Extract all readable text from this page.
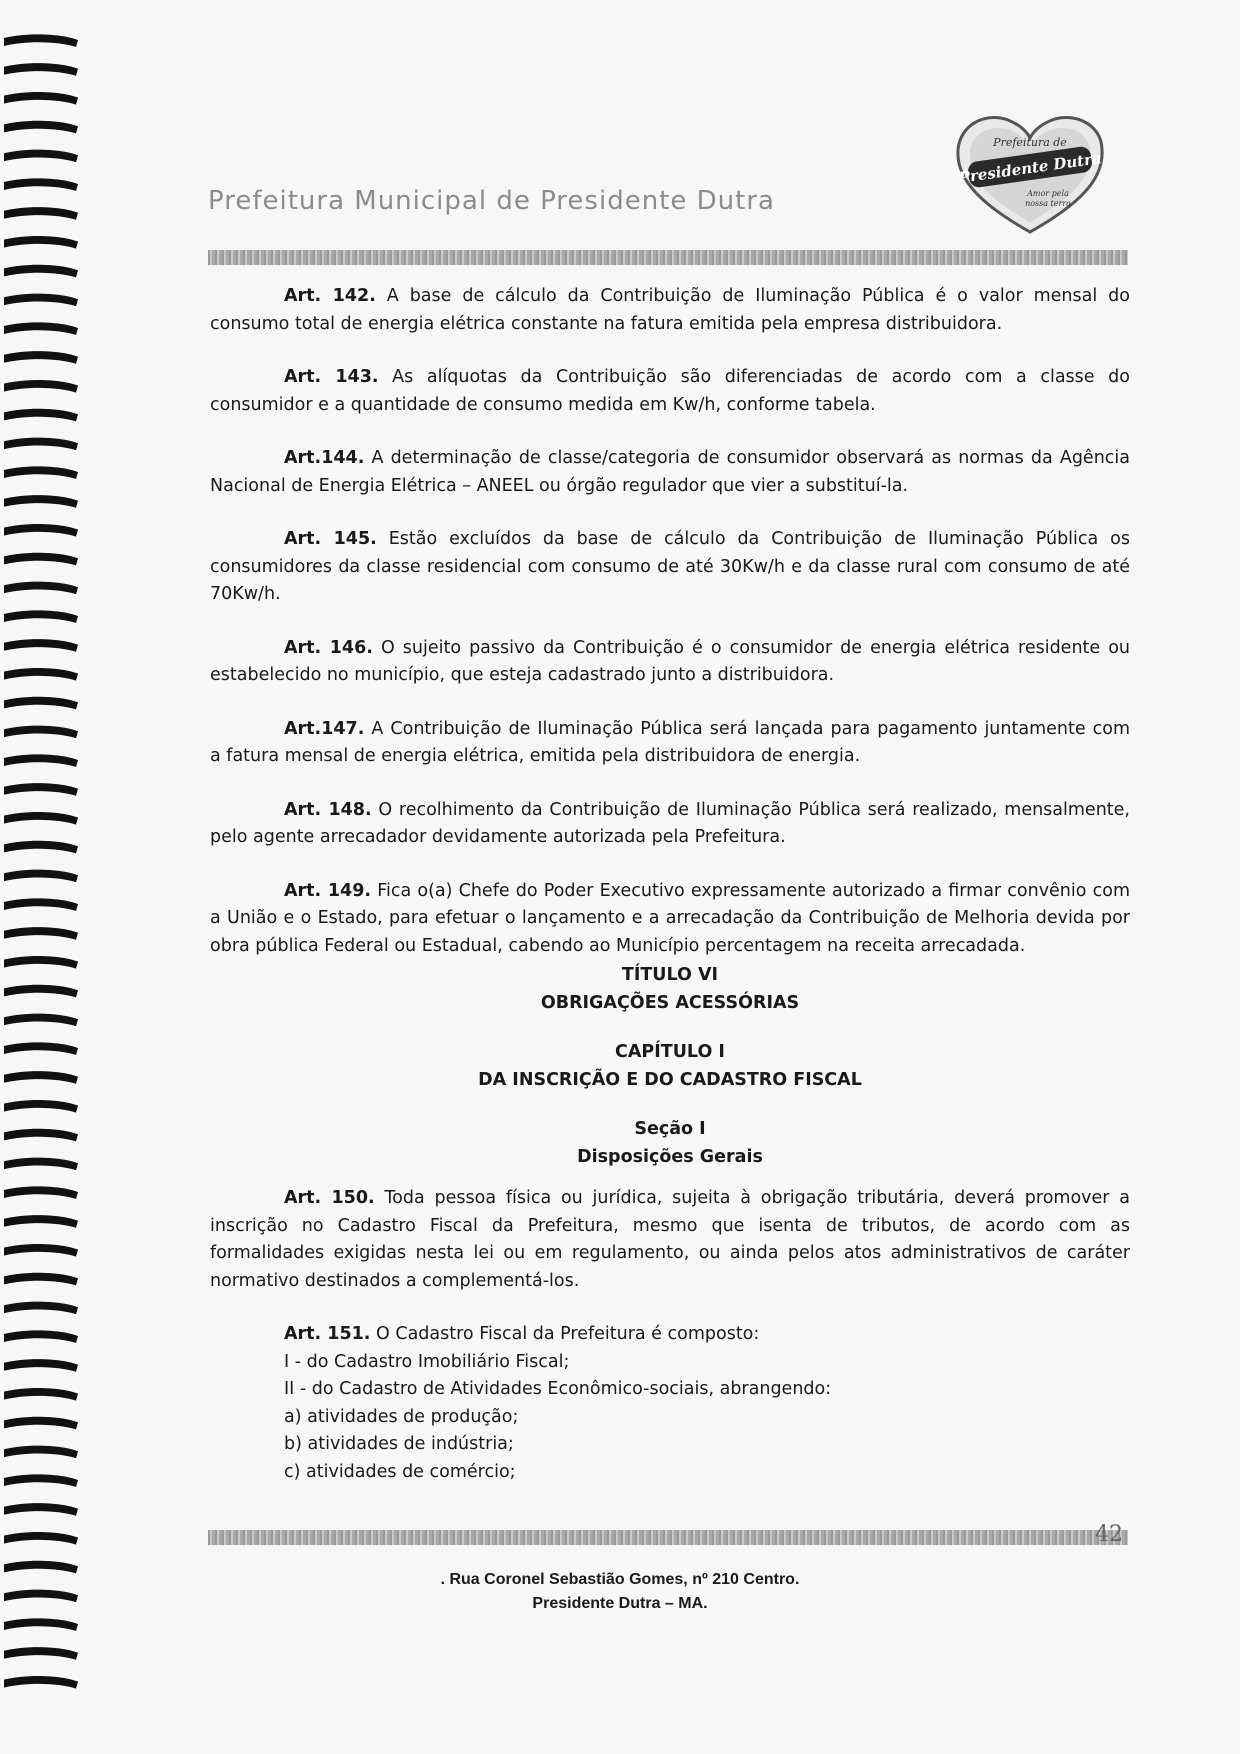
Prefeitura Municipal de Presidente Dutra
Prefeitura de
Presidente Dutra
Amor pela
nossa terra

Art. 142. A base de cálculo da Contribuição de Iluminação Pública é o valor mensal do consumo total de energia elétrica constante na fatura emitida pela empresa distribuidora.

Art. 143. As alíquotas da Contribuição são diferenciadas de acordo com a classe do consumidor e a quantidade de consumo medida em Kw/h, conforme tabela.

Art.144. A determinação de classe/categoria de consumidor observará as normas da Agência Nacional de Energia Elétrica – ANEEL ou órgão regulador que vier a substituí-la.

Art. 145. Estão excluídos da base de cálculo da Contribuição de Iluminação Pública os consumidores da classe residencial com consumo de até 30Kw/h e da classe rural com consumo de até 70Kw/h.

Art. 146. O sujeito passivo da Contribuição é o consumidor de energia elétrica residente ou estabelecido no município, que esteja cadastrado junto a distribuidora.

Art.147. A Contribuição de Iluminação Pública será lançada para pagamento juntamente com a fatura mensal de energia elétrica, emitida pela distribuidora de energia.

Art. 148. O recolhimento da Contribuição de Iluminação Pública será realizado, mensalmente, pelo agente arrecadador devidamente autorizada pela Prefeitura.

Art. 149. Fica o(a) Chefe do Poder Executivo expressamente autorizado a firmar convênio com a União e o Estado, para efetuar o lançamento e a arrecadação da Contribuição de Melhoria devida por obra pública Federal ou Estadual, cabendo ao Município percentagem na receita arrecadada.

TÍTULO VI

OBRIGAÇÕES ACESSÓRIAS

CAPÍTULO I

DA INSCRIÇÃO E DO CADASTRO FISCAL

Seção I

Disposições Gerais

Art. 150. Toda pessoa física ou jurídica, sujeita à obrigação tributária, deverá promover a inscrição no Cadastro Fiscal da Prefeitura, mesmo que isenta de tributos, de acordo com as formalidades exigidas nesta lei ou em regulamento, ou ainda pelos atos administrativos de caráter normativo destinados a complementá-los.

Art. 151. O Cadastro Fiscal da Prefeitura é composto:

I - do Cadastro Imobiliário Fiscal;
II - do Cadastro de Atividades Econômico-sociais, abrangendo:
a) atividades de produção;
b) atividades de indústria;
c) atividades de comércio;
42
. Rua Coronel Sebastião Gomes, nº 210 Centro.
Presidente Dutra – MA.
